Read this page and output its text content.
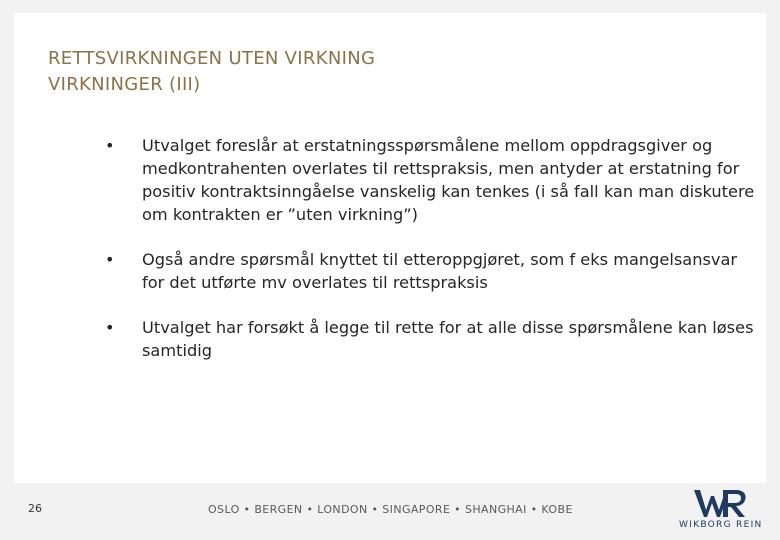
RETTSVIRKNINGEN UTEN VIRKNING
VIRKNINGER (III)
•	Utvalget foreslår at erstatningsspørsmålene mellom oppdragsgiver og medkontrahenten overlates til rettspraksis, men antyder at erstatning for positiv kontraktsinngåelse vanskelig kan tenkes (i så fall kan man diskutere om kontrakten er ”uten virkning”)
•	Også andre spørsmål knyttet til etteroppgjøret, som f eks mangelsansvar for det utførte mv overlates til rettspraksis
•	Utvalget har forsøkt å legge til rette for at alle disse spørsmålene kan løses samtidig
26	OSLO • BERGEN • LONDON • SINGAPORE • SHANGHAI • KOBE
WIKBORG REIN
